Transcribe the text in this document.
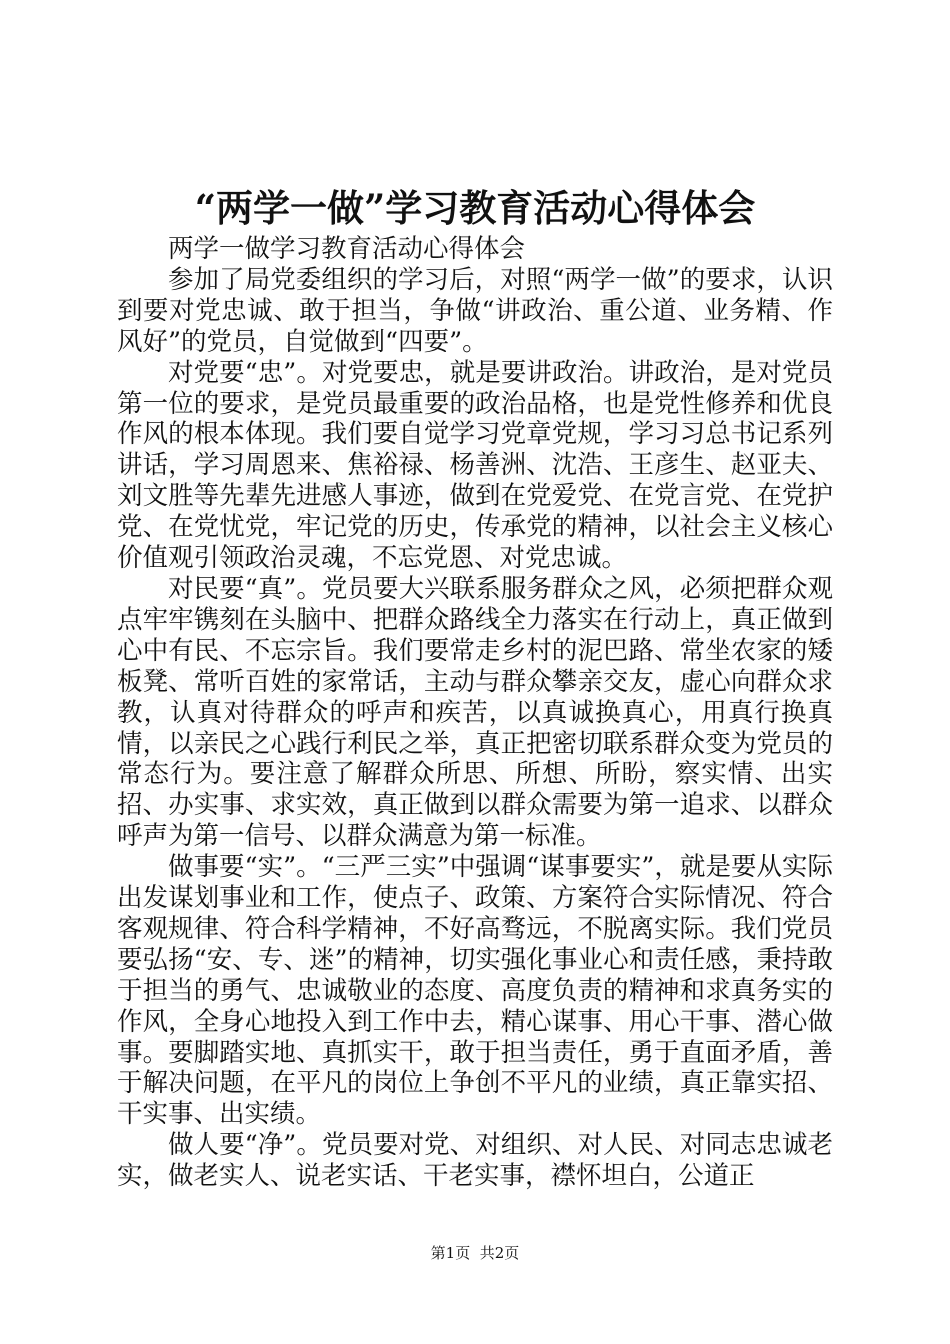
“两学一做”学习教育活动心得体会

两学一做学习教育活动心得体会

参加了局党委组织的学习后，对照“两学一做”的要求，认识到要对党忠诚、敢于担当，争做“讲政治、重公道、业务精、作风好”的党员，自觉做到“四要”。

对党要“忠”。对党要忠，就是要讲政治。讲政治，是对党员第一位的要求，是党员最重要的政治品格，也是党性修养和优良作风的根本体现。我们要自觉学习党章党规，学习习总书记系列讲话，学习周恩来、焦裕禄、杨善洲、沈浩、王彦生、赵亚夫、刘文胜等先辈先进感人事迹，做到在党爱党、在党言党、在党护党、在党忧党，牢记党的历史，传承党的精神，以社会主义核心价值观引领政治灵魂，不忘党恩、对党忠诚。

对民要“真”。党员要大兴联系服务群众之风，必须把群众观点牢牢镌刻在头脑中、把群众路线全力落实在行动上，真正做到心中有民、不忘宗旨。我们要常走乡村的泥巴路、常坐农家的矮板凳、常听百姓的家常话，主动与群众攀亲交友，虚心向群众求教，认真对待群众的呼声和疾苦，以真诚换真心，用真行换真情，以亲民之心践行利民之举，真正把密切联系群众变为党员的常态行为。要注意了解群众所思、所想、所盼，察实情、出实招、办实事、求实效，真正做到以群众需要为第一追求、以群众呼声为第一信号、以群众满意为第一标准。

做事要“实”。“三严三实”中强调“谋事要实”，就是要从实际出发谋划事业和工作，使点子、政策、方案符合实际情况、符合客观规律、符合科学精神，不好高骛远，不脱离实际。我们党员要弘扬“安、专、迷”的精神，切实强化事业心和责任感，秉持敢于担当的勇气、忠诚敬业的态度、高度负责的精神和求真务实的作风，全身心地投入到工作中去，精心谋事、用心干事、潜心做事。要脚踏实地、真抓实干，敢于担当责任，勇于直面矛盾，善于解决问题，在平凡的岗位上争创不平凡的业绩，真正靠实招、干实事、出实绩。

做人要“净”。党员要对党、对组织、对人民、对同志忠诚老实，做老实人、说老实话、干老实事，襟怀坦白，公道正

第1页 共2页
